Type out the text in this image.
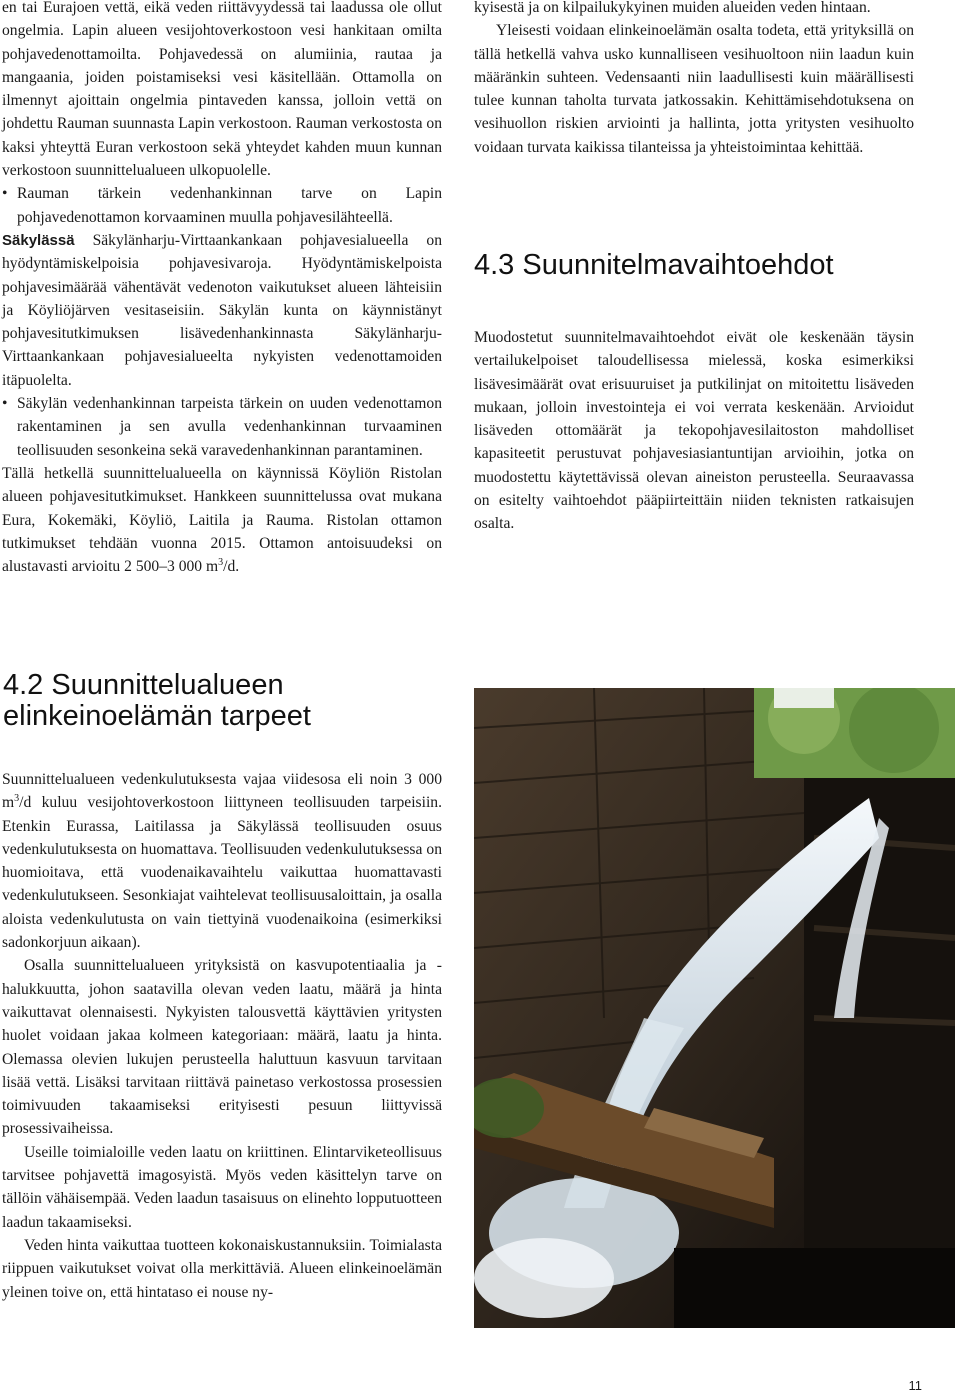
en tai Eurajoen vettä, eikä veden riittävyydessä tai laadussa ole ollut ongelmia. Lapin alueen vesijohtoverkostoon vesi hankitaan omilta pohjavedenottamoilta. Pohjavedessä on alumiinia, rautaa ja mangaania, joiden poistamiseksi vesi käsitellään. Ottamolla on ilmennyt ajoittain ongelmia pintaveden kanssa, jolloin vettä on johdettu Rauman suunnasta Lapin verkostoon. Rauman verkostosta on kaksi yhteyttä Euran verkostoon sekä yhteydet kahden muun kunnan verkostoon suunnittelualueen ulkopuolelle.

• Rauman tärkein vedenhankinnan tarve on Lapin pohjavedenottamon korvaaminen muulla pohjavesilähteellä.

Säkylässä Säkylänharju-Virttaankankaan pohjavesialueella on hyödyntämiskelpoisia pohjavesivaroja. Hyödyntämiskelpoista pohjavesimäärää vähentävät vedenoton vaikutukset alueen lähteisiin ja Köyliöjärven vesitaseisiin. Säkylän kunta on käynnistänyt pohjavesitutkimuksen lisävedenhankinnasta Säkylänharju-Virttaankankaan pohjavesialueelta nykyisten vedenottamoiden itäpuolelta.

• Säkylän vedenhankinnan tarpeista tärkein on uuden vedenottamon rakentaminen ja sen avulla vedenhankinnan turvaaminen teollisuuden sesonkeina sekä varavedenhankinnan parantaminen.

Tällä hetkellä suunnittelualueella on käynnissä Köyliön Ristolan alueen pohjavesitutkimukset. Hankkeen suunnittelussa ovat mukana Eura, Kokemäki, Köyliö, Laitila ja Rauma. Ristolan ottamon tutkimukset tehdään vuonna 2015. Ottamon antoisuudeksi on alustavasti arvioitu 2 500–3 000 $m^3/d$.

kyisestä ja on kilpailukykyinen muiden alueiden veden hintaan.

Yleisesti voidaan elinkeinoelämän osalta todeta, että yrityksillä on tällä hetkellä vahva usko kunnalliseen vesihuoltoon niin laadun kuin määränkin suhteen. Vedensaanti niin laadullisesti kuin määrällisesti tulee kunnan taholta turvata jatkossakin. Kehittämisehdotuksena on vesihuollon riskien arviointi ja hallinta, jotta yritysten vesihuolto voidaan turvata kaikissa tilanteissa ja yhteistoimintaa kehittää.

4.3 Suunnitelmavaihtoehdot

Muodostetut suunnitelmavaihtoehdot eivät ole keskenään täysin vertailukelpoiset taloudellisessa mielessä, koska esimerkiksi lisävesimäärät ovat erisuuruiset ja putkilinjat on mitoitettu lisäveden mukaan, jolloin investointeja ei voi verrata keskenään. Arvioidut lisäveden ottomäärät ja tekopohjavesilaitoston mahdolliset kapasiteetit perustuvat pohjavesiasiantuntijan arvioihin, jotka on muodostettu käytettävissä olevan aineiston perusteella. Seuraavassa on esitelty vaihtoehdot pääpiirteittäin niiden teknisten ratkaisujen osalta.

4.2 Suunnittelualueen
elinkeinoelämän tarpeet

Suunnittelualueen vedenkulutuksesta vajaa viidesosa eli noin 3 000 $m^3/d$ kuluu vesijohtoverkostoon liittyneen teollisuuden tarpeisiin. Etenkin Eurassa, Laitilassa ja Säkylässä teollisuuden osuus vedenkulutuksesta on huomattava. Teollisuuden vedenkulutuksessa on huomioitava, että vuodenaikavaihtelu vaikuttaa huomattavasti vedenkulutukseen. Sesonkiajat vaihtelevat teollisuusaloittain, ja osalla aloista vedenkulutusta on vain tiettyinä vuodenaikoina (esimerkiksi sadonkorjuun aikaan).

Osalla suunnittelualueen yrityksistä on kasvupotentiaalia ja -halukkuutta, johon saatavilla olevan veden laatu, määrä ja hinta vaikuttavat olennaisesti. Nykyisten talousvettä käyttävien yritysten huolet voidaan jakaa kolmeen kategoriaan: määrä, laatu ja hinta. Olemassa olevien lukujen perusteella haluttuun kasvuun tarvitaan lisää vettä. Lisäksi tarvitaan riittävä painetaso verkostossa prosessien toimivuuden takaamiseksi erityisesti pesuun liittyvissä prosessivaiheissa.

Useille toimialoille veden laatu on kriittinen. Elintarviketeollisuus tarvitsee pohjavettä imagosyistä. Myös veden käsittelyn tarve on tällöin vähäisempää. Veden laadun tasaisuus on elinehto lopputuotteen laadun takaamiseksi.

Veden hinta vaikuttaa tuotteen kokonaiskustannuksiin. Toimialasta riippuen vaikutukset voivat olla merkittäviä. Alueen elinkeinoelämän yleinen toive on, että hintataso ei nouse ny-

11
